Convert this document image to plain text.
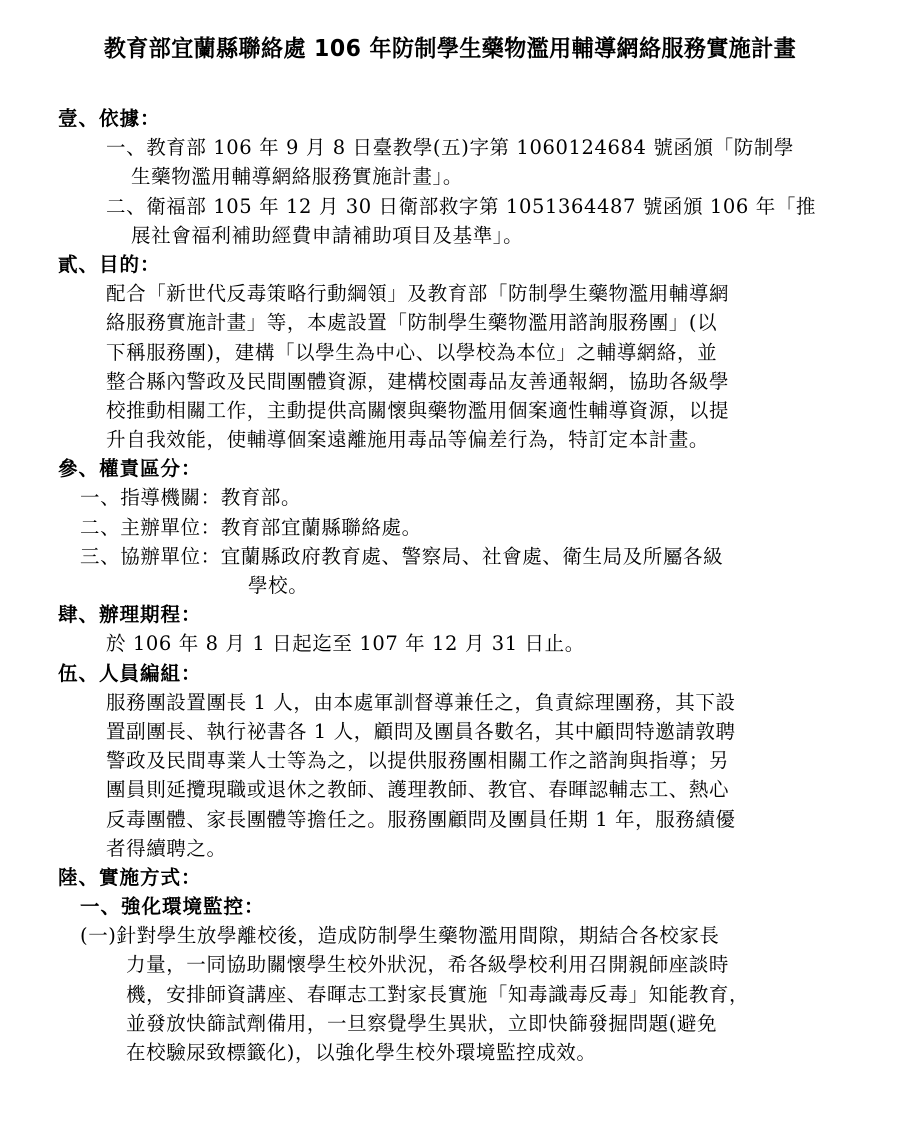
教育部宜蘭縣聯絡處 106 年防制學生藥物濫用輔導網絡服務實施計畫
壹、依據：
一、教育部 106 年 9 月 8 日臺教學(五)字第 1060124684 號函頒「防制學
生藥物濫用輔導網絡服務實施計畫」。
二、衛福部 105 年 12 月 30 日衛部救字第 1051364487 號函頒 106 年「推
展社會福利補助經費申請補助項目及基準」。
貳、目的：
配合「新世代反毒策略行動綱領」及教育部「防制學生藥物濫用輔導網
絡服務實施計畫」等，本處設置「防制學生藥物濫用諮詢服務團」(以
下稱服務團)，建構「以學生為中心、以學校為本位」之輔導網絡，並
整合縣內警政及民間團體資源，建構校園毒品友善通報網，協助各級學
校推動相關工作，主動提供高關懷與藥物濫用個案適性輔導資源，以提
升自我效能，使輔導個案遠離施用毒品等偏差行為，特訂定本計畫。
參、權責區分：
一、指導機關：教育部。
二、主辦單位：教育部宜蘭縣聯絡處。
三、協辦單位：宜蘭縣政府教育處、警察局、社會處、衛生局及所屬各級
學校。
肆、辦理期程：
於 106 年 8 月 1 日起迄至 107 年 12 月 31 日止。
伍、人員編組：
服務團設置團長 1 人，由本處軍訓督導兼任之，負責綜理團務，其下設
置副團長、執行祕書各 1 人，顧問及團員各數名，其中顧問特邀請敦聘
警政及民間專業人士等為之，以提供服務團相關工作之諮詢與指導；另
團員則延攬現職或退休之教師、護理教師、教官、春暉認輔志工、熱心
反毒團體、家長團體等擔任之。服務團顧問及團員任期 1 年，服務績優
者得續聘之。
陸、實施方式：
一、強化環境監控：
(一)針對學生放學離校後，造成防制學生藥物濫用間隙，期結合各校家長
力量，一同協助關懷學生校外狀況，希各級學校利用召開親師座談時
機，安排師資講座、春暉志工對家長實施「知毒識毒反毒」知能教育，
並發放快篩試劑備用，一旦察覺學生異狀，立即快篩發掘問題(避免
在校驗尿致標籤化)，以強化學生校外環境監控成效。
